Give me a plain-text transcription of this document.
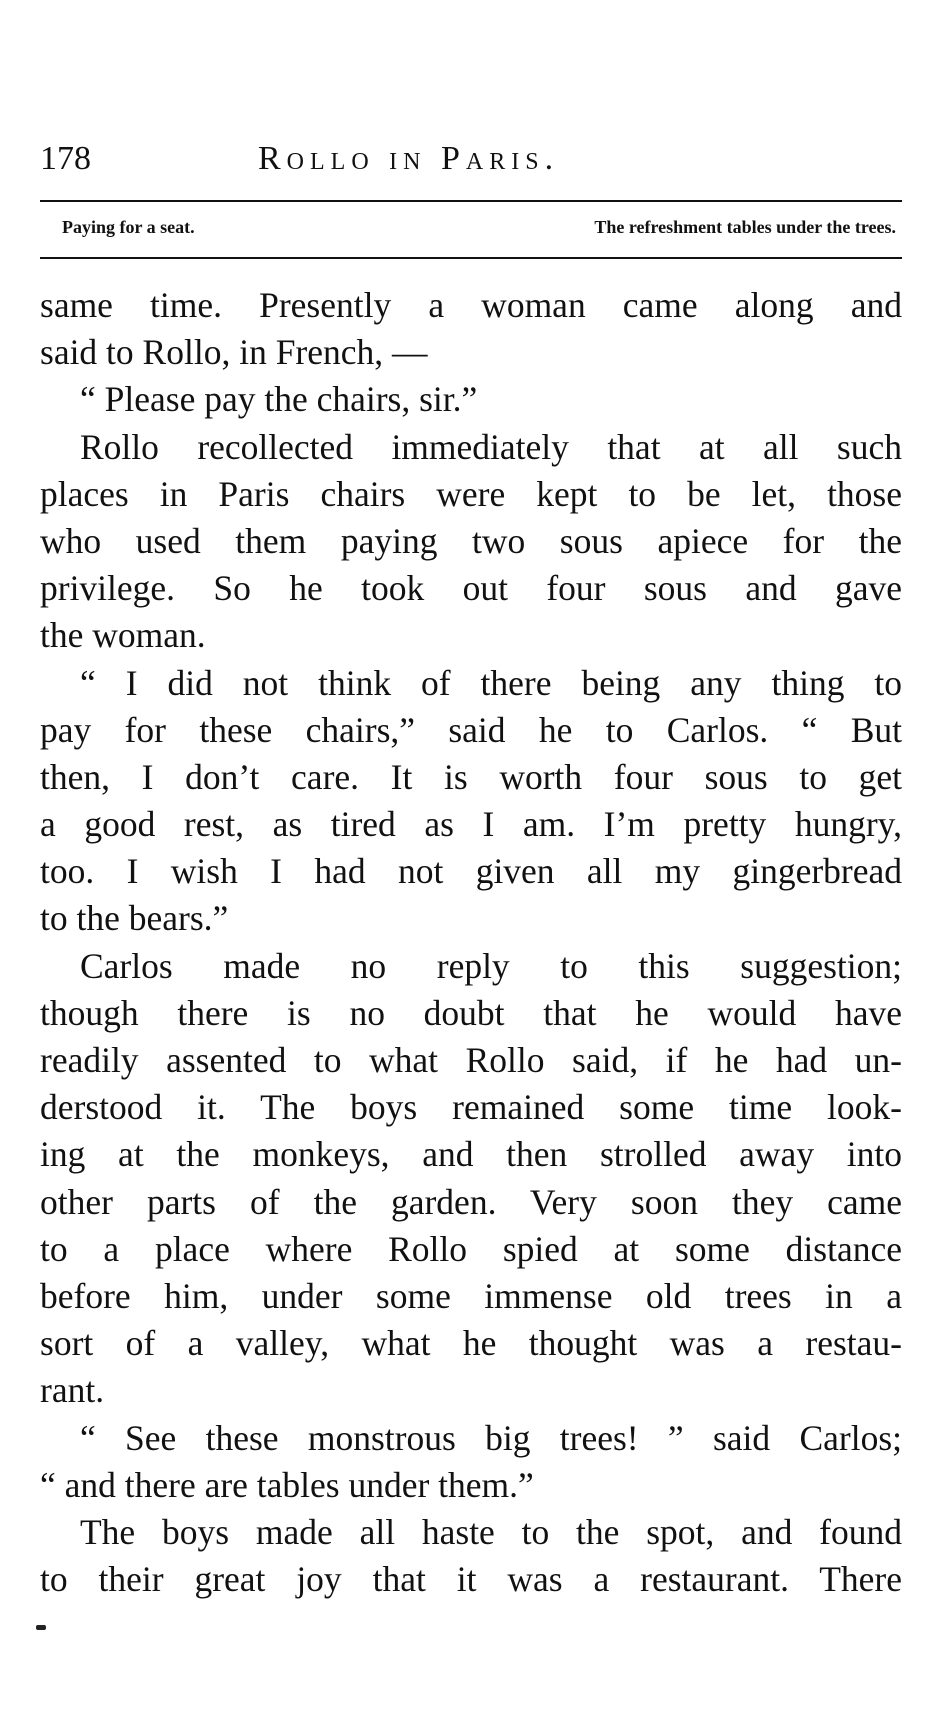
178	Rollo in Paris.
Paying for a seat.	The refreshment tables under the trees.
same time. Presently a woman came along and
said to Rollo, in French, —
“ Please pay the chairs, sir.”
Rollo recollected immediately that at all such
places in Paris chairs were kept to be let, those
who used them paying two sous apiece for the
privilege. So he took out four sous and gave
the woman.
“ I did not think of there being any thing to
pay for these chairs,” said he to Carlos. “ But
then, I don’t care. It is worth four sous to get
a good rest, as tired as I am. I’m pretty hungry,
too. I wish I had not given all my gingerbread
to the bears.”
Carlos made no reply to this suggestion;
though there is no doubt that he would have
readily assented to what Rollo said, if he had un-
derstood it. The boys remained some time look-
ing at the monkeys, and then strolled away into
other parts of the garden. Very soon they came
to a place where Rollo spied at some distance
before him, under some immense old trees in a
sort of a valley, what he thought was a restau-
rant.
“ See these monstrous big trees! ” said Carlos;
“ and there are tables under them.”
The boys made all haste to the spot, and found
to their great joy that it was a restaurant. There
